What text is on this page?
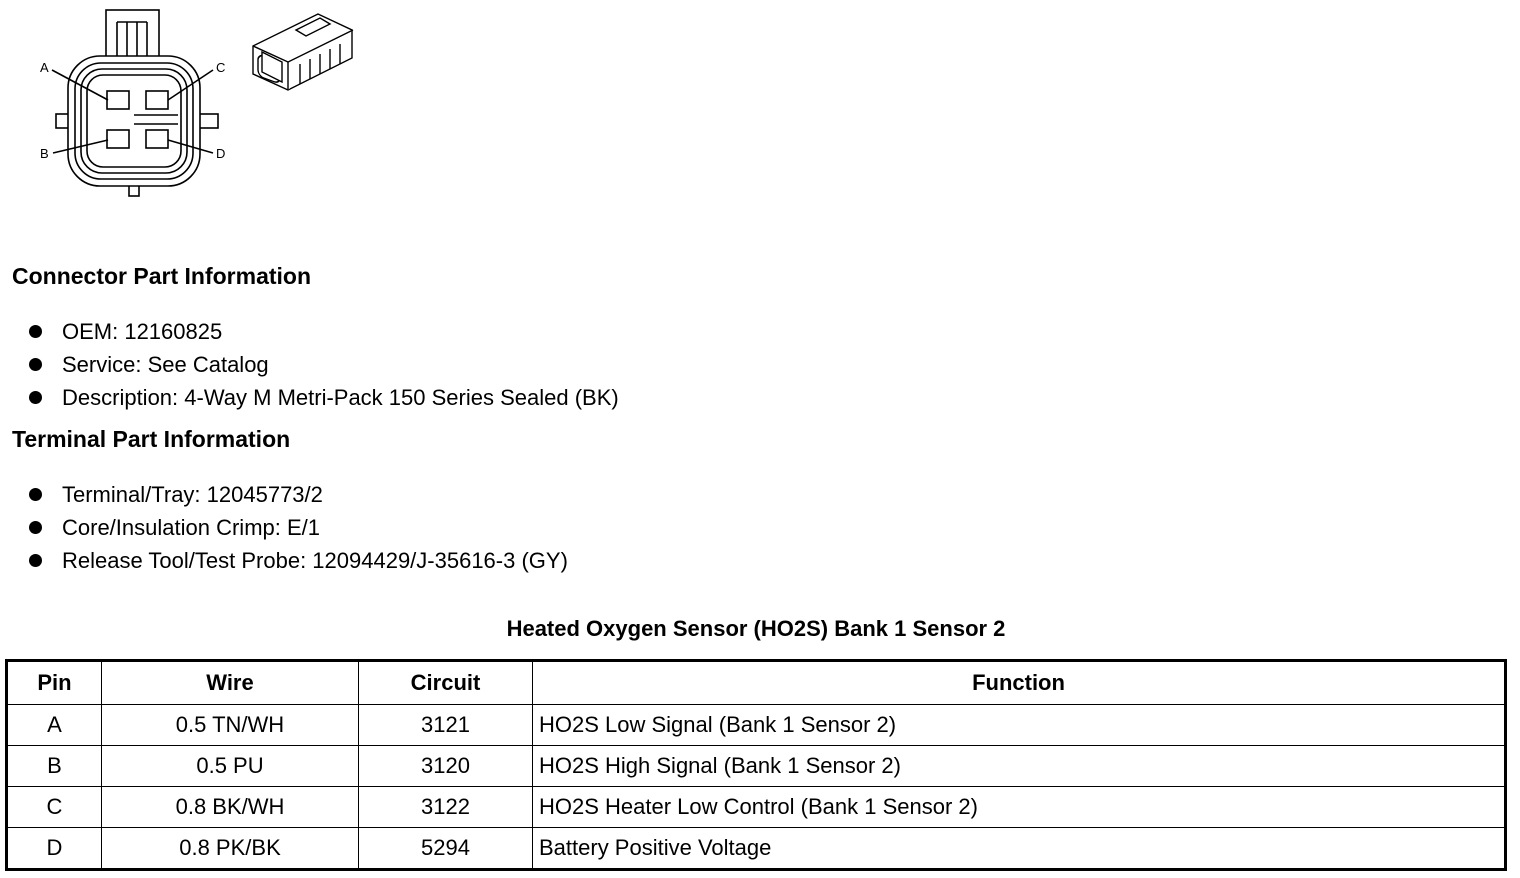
A
B
C
D
Connector Part Information
OEM: 12160825
Service: See Catalog
Description: 4-Way M Metri-Pack 150 Series Sealed (BK)
Terminal Part Information
Terminal/Tray: 12045773/2
Core/Insulation Crimp: E/1
Release Tool/Test Probe: 12094429/J-35616-3 (GY)
Heated Oxygen Sensor (HO2S) Bank 1 Sensor 2
Pin	Wire	Circuit	Function
A	0.5 TN/WH	3121	HO2S Low Signal (Bank 1 Sensor 2)
B	0.5 PU	3120	HO2S High Signal (Bank 1 Sensor 2)
C	0.8 BK/WH	3122	HO2S Heater Low Control (Bank 1 Sensor 2)
D	0.8 PK/BK	5294	Battery Positive Voltage
